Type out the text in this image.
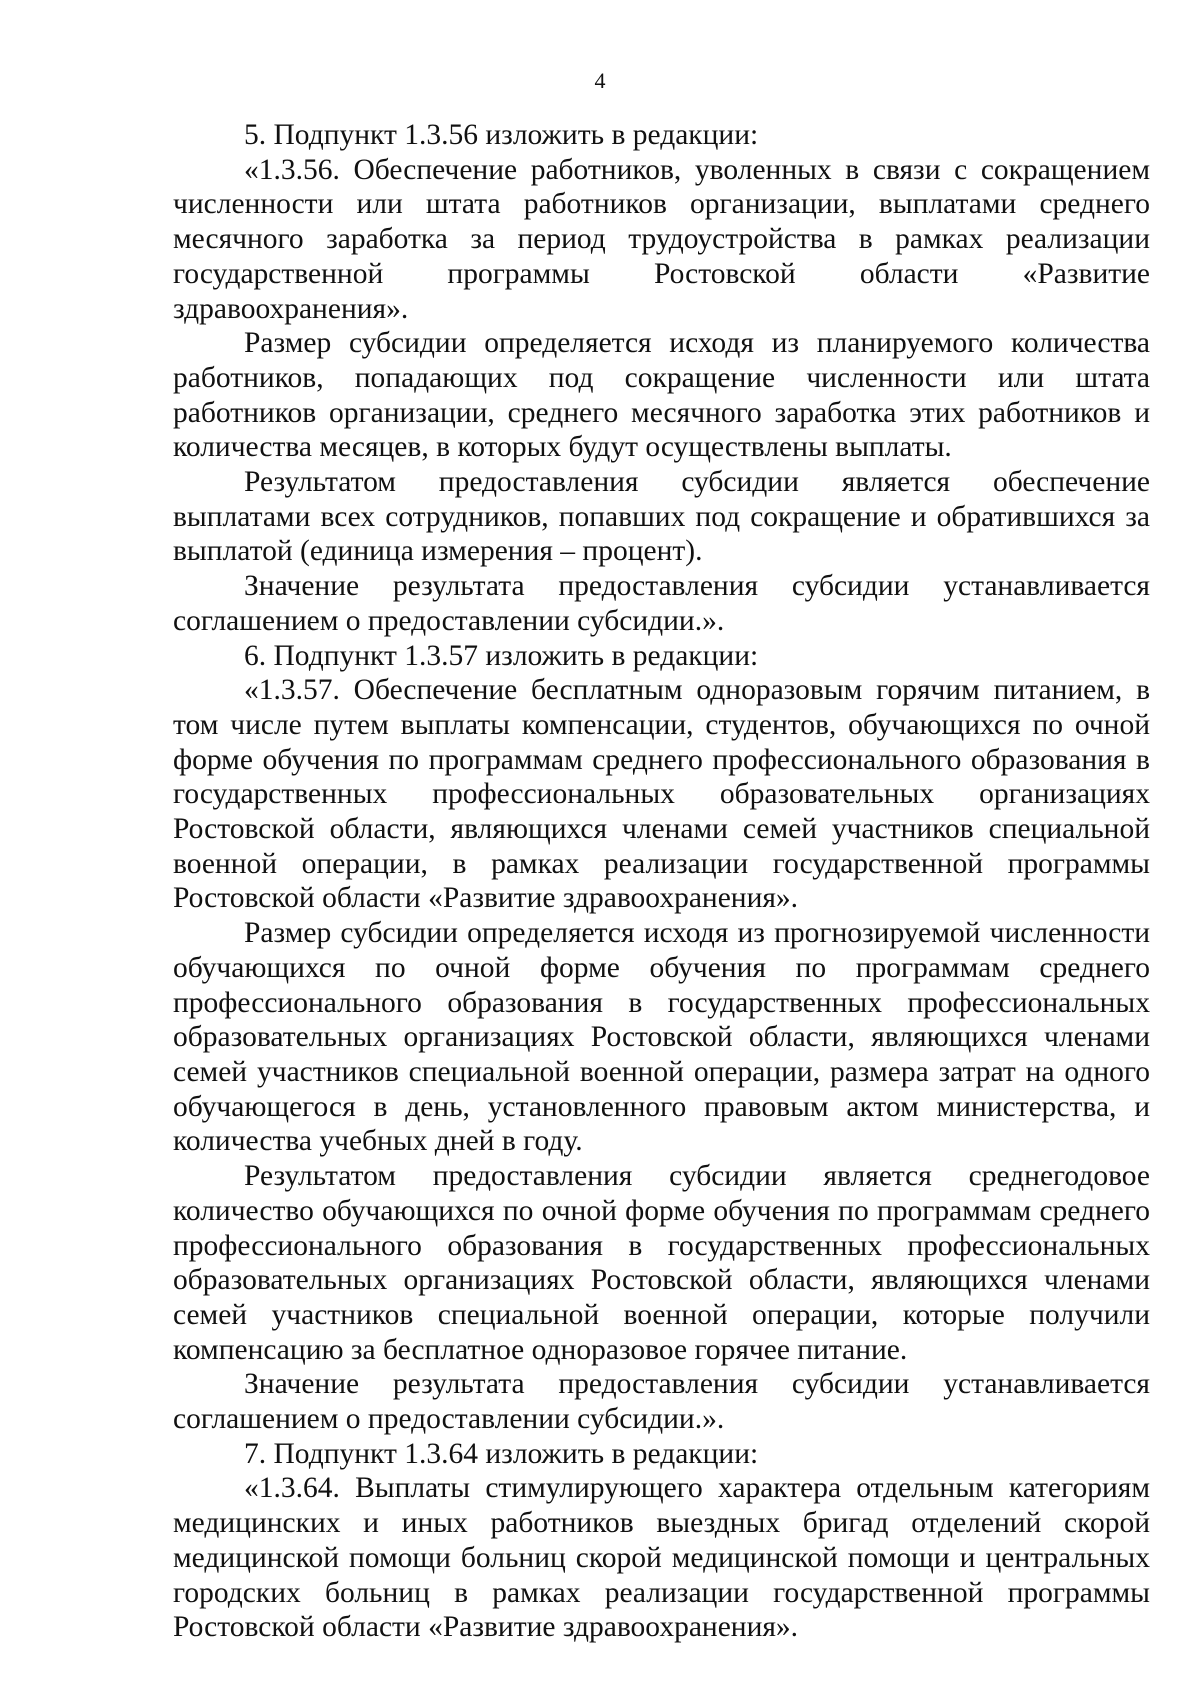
4

5. Подпункт 1.3.56 изложить в редакции:

«1.3.56. Обеспечение работников, уволенных в связи с сокращением численности или штата работников организации, выплатами среднего месячного заработка за период трудоустройства в рамках реализации государственной программы Ростовской области «Развитие здравоохранения».

Размер субсидии определяется исходя из планируемого количества работников, попадающих под сокращение численности или штата работников организации, среднего месячного заработка этих работников и количества месяцев, в которых будут осуществлены выплаты.

Результатом предоставления субсидии является обеспечение выплатами всех сотрудников, попавших под сокращение и обратившихся за выплатой (единица измерения – процент).

Значение результата предоставления субсидии устанавливается соглашением о предоставлении субсидии.».

6. Подпункт 1.3.57 изложить в редакции:

«1.3.57. Обеспечение бесплатным одноразовым горячим питанием, в том числе путем выплаты компенсации, студентов, обучающихся по очной форме обучения по программам среднего профессионального образования в государственных профессиональных образовательных организациях Ростовской области, являющихся членами семей участников специальной военной операции, в рамках реализации государственной программы Ростовской области «Развитие здравоохранения».

Размер субсидии определяется исходя из прогнозируемой численности обучающихся по очной форме обучения по программам среднего профессионального образования в государственных профессиональных образовательных организациях Ростовской области, являющихся членами семей участников специальной военной операции, размера затрат на одного обучающегося в день, установленного правовым актом министерства, и количества учебных дней в году.

Результатом предоставления субсидии является среднегодовое количество обучающихся по очной форме обучения по программам среднего профессионального образования в государственных профессиональных образовательных организациях Ростовской области, являющихся членами семей участников специальной военной операции, которые получили компенсацию за бесплатное одноразовое горячее питание.

Значение результата предоставления субсидии устанавливается соглашением о предоставлении субсидии.».

7. Подпункт 1.3.64 изложить в редакции:

«1.3.64. Выплаты стимулирующего характера отдельным категориям медицинских и иных работников выездных бригад отделений скорой медицинской помощи больниц скорой медицинской помощи и центральных городских больниц в рамках реализации государственной программы Ростовской области «Развитие здравоохранения».
